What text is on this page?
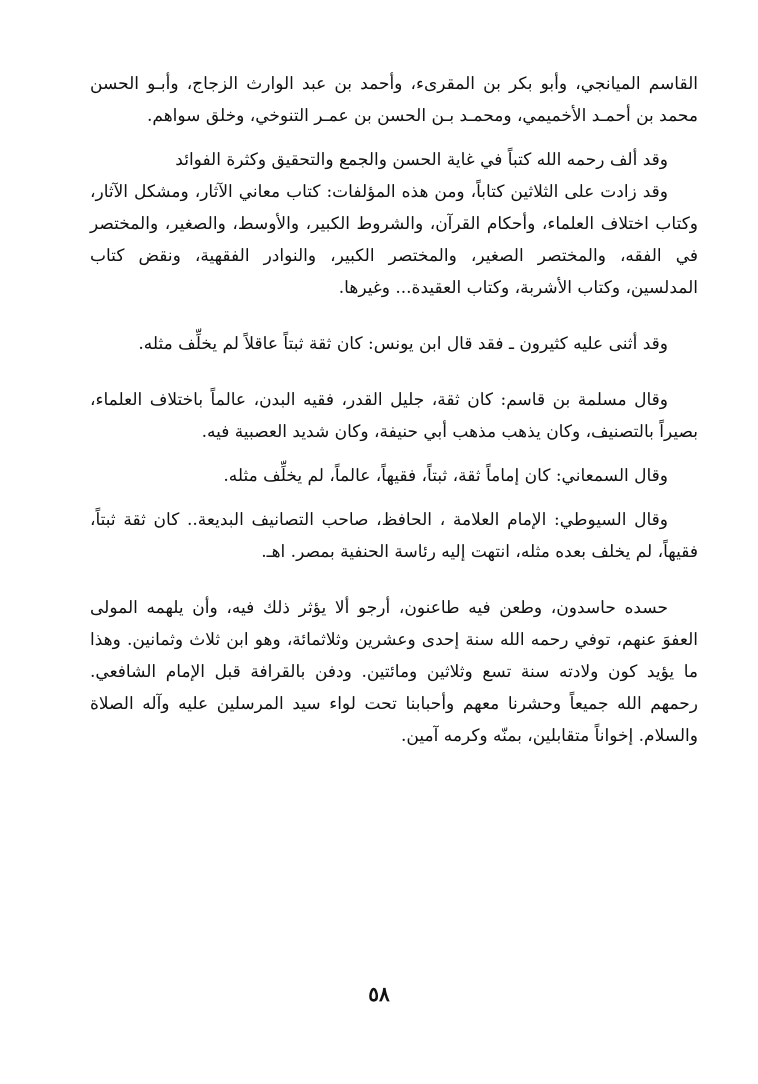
القاسم الميانجي، وأبو بكر بن المقرىء، وأحمد بن عبد الوارث الزجاج، وأبـو الحسن محمد بن أحمـد الأخميمي، ومحمـد بـن الحسن بن عمـر التنوخي، وخلق سواهم.

وقد ألف رحمه الله كتباً في غاية الحسن والجمع والتحقيق وكثرة الفوائد

وقد زادت على الثلاثين كتاباً، ومن هذه المؤلفات: كتاب معاني الآثار، ومشكل الآثار، وكتاب اختلاف العلماء، وأحكام القرآن، والشروط الكبير، والأوسط، والصغير، والمختصر في الفقه، والمختصر الصغير، والمختصر الكبير، والنوادر الفقهية، ونقض كتاب المدلسين، وكتاب الأشربة، وكتاب العقيدة... وغيرها.

وقد أثنى عليه كثيرون ـ فقد قال ابن يونس: كان ثقة ثبتاً عاقلاً لم يخلِّف مثله.

وقال مسلمة بن قاسم: كان ثقة، جليل القدر، فقيه البدن، عالماً باختلاف العلماء، بصيراً بالتصنيف، وكان يذهب مذهب أبي حنيفة، وكان شديد العصبية فيه.

وقال السمعاني: كان إماماً ثقة، ثبتاً، فقيهاً، عالماً، لم يخلِّف مثله.

وقال السيوطي: الإمام العلامة ، الحافظ، صاحب التصانيف البديعة.. كان ثقة ثبتاً، فقيهاً، لم يخلف بعده مثله، انتهت إليه رئاسة الحنفية بمصر. اهـ.

حسده حاسدون، وطعن فيه طاعنون، أرجو ألا يؤثر ذلك فيه، وأن يلهمه المولى العفوَ عنهم، توفي رحمه الله سنة إحدى وعشرين وثلاثمائة، وهو ابن ثلاث وثمانين. وهذا ما يؤيد كون ولادته سنة تسع وثلاثين ومائتين. ودفن بالقرافة قبل الإمام الشافعي. رحمهم الله جميعاً وحشرنا معهم وأحبابنا تحت لواء سيد المرسلين عليه وآله الصلاة والسلام. إخواناً متقابلين، بمنّه وكرمه آمين.

٥٨
